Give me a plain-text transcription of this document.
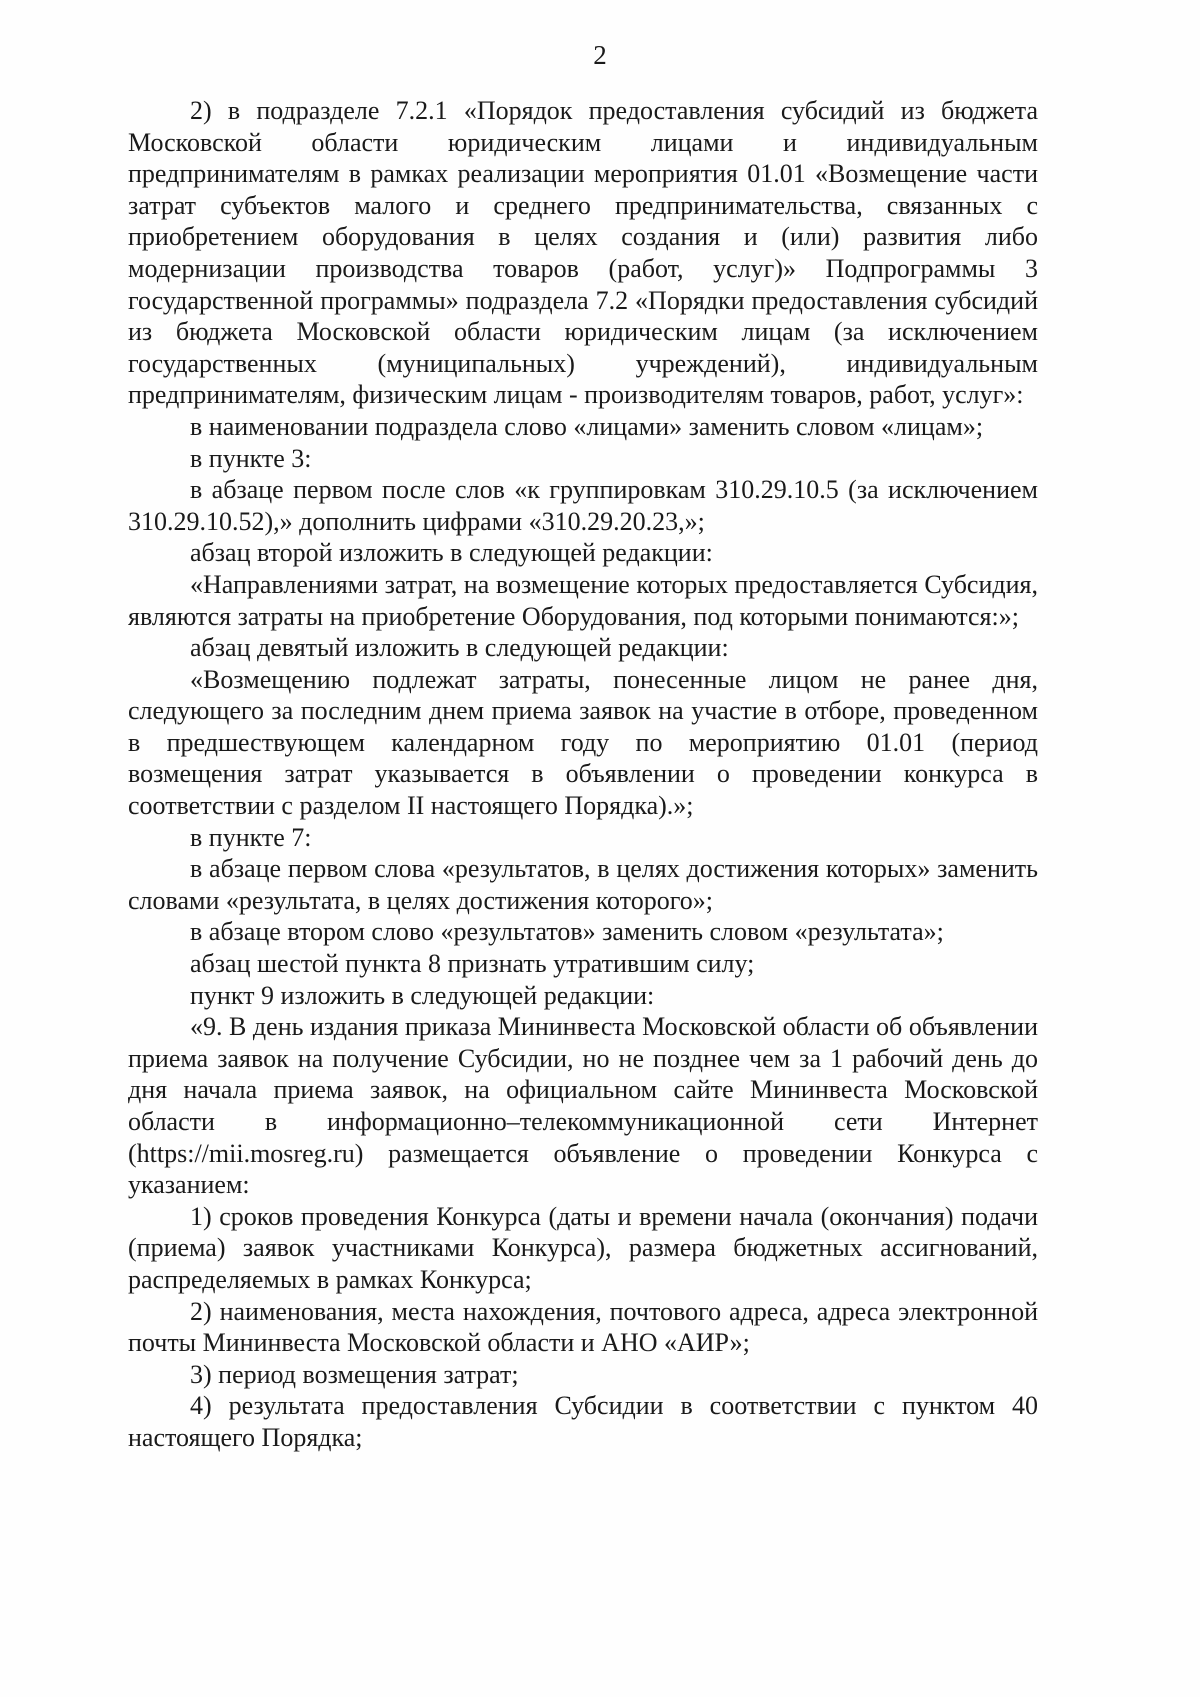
2

2) в подразделе 7.2.1 «Порядок предоставления субсидий из бюджета Московской области юридическим лицами и индивидуальным предпринимателям в рамках реализации мероприятия 01.01 «Возмещение части затрат субъектов малого и среднего предпринимательства, связанных с приобретением оборудования в целях создания и (или) развития либо модернизации производства товаров (работ, услуг)» Подпрограммы 3 государственной программы» подраздела 7.2 «Порядки предоставления субсидий из бюджета Московской области юридическим лицам (за исключением государственных (муниципальных) учреждений), индивидуальным предпринимателям, физическим лицам - производителям товаров, работ, услуг»:

в наименовании подраздела слово «лицами» заменить словом «лицам»;

в пункте 3:

в абзаце первом после слов «к группировкам 310.29.10.5 (за исключением 310.29.10.52),» дополнить цифрами «310.29.20.23,»;

абзац второй изложить в следующей редакции:

«Направлениями затрат, на возмещение которых предоставляется Субсидия, являются затраты на приобретение Оборудования, под которыми понимаются:»;

абзац девятый изложить в следующей редакции:

«Возмещению подлежат затраты, понесенные лицом не ранее дня, следующего за последним днем приема заявок на участие в отборе, проведенном в предшествующем календарном году по мероприятию 01.01 (период возмещения затрат указывается в объявлении о проведении конкурса в соответствии с разделом II настоящего Порядка).»;

в пункте 7:

в абзаце первом слова «результатов, в целях достижения которых» заменить словами «результата, в целях достижения которого»;

в абзаце втором слово «результатов» заменить словом «результата»;

абзац шестой пункта 8 признать утратившим силу;

пункт 9 изложить в следующей редакции:

«9. В день издания приказа Мининвеста Московской области об объявлении приема заявок на получение Субсидии, но не позднее чем за 1 рабочий день до дня начала приема заявок, на официальном сайте Мининвеста Московской области в информационно–телекоммуникационной сети Интернет (https://mii.mosreg.ru) размещается объявление о проведении Конкурса с указанием:

1) сроков проведения Конкурса (даты и времени начала (окончания) подачи (приема) заявок участниками Конкурса), размера бюджетных ассигнований, распределяемых в рамках Конкурса;

2) наименования, места нахождения, почтового адреса, адреса электронной почты Мининвеста Московской области и АНО «АИР»;

3) период возмещения затрат;

4) результата предоставления Субсидии в соответствии с пунктом 40 настоящего Порядка;
